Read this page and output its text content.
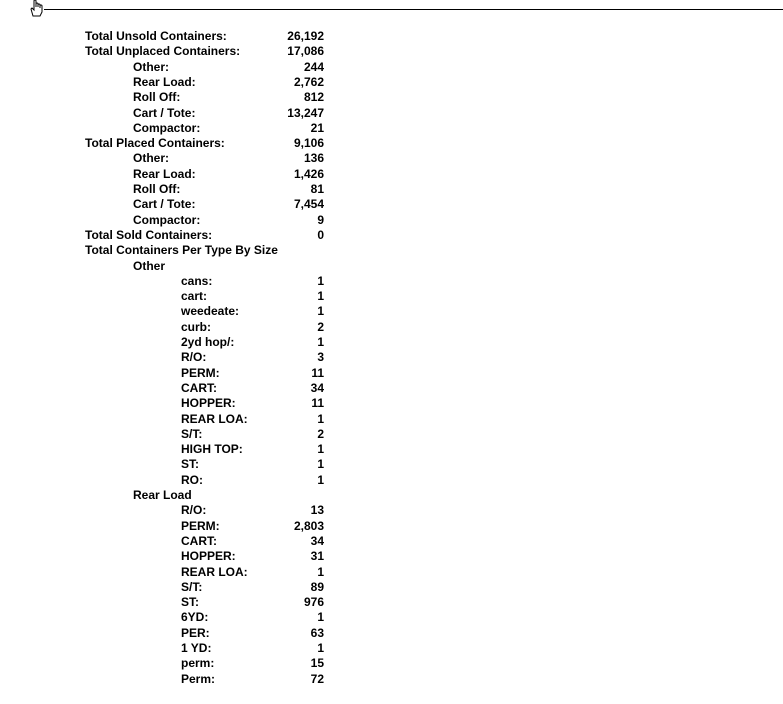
Total Unsold Containers:	26,192
Total Unplaced Containers:	17,086
Other:	244
Rear Load:	2,762
Roll Off:	812
Cart / Tote:	13,247
Compactor:	21
Total Placed Containers:	9,106
Other:	136
Rear Load:	1,426
Roll Off:	81
Cart / Tote:	7,454
Compactor:	9
Total Sold Containers:	0
Total Containers Per Type By Size
Other
cans:	1
cart:	1
weedeate:	1
curb:	2
2yd hop/:	1
R/O:	3
PERM:	11
CART:	34
HOPPER:	11
REAR LOA:	1
S/T:	2
HIGH TOP:	1
ST:	1
RO:	1
Rear Load
R/O:	13
PERM:	2,803
CART:	34
HOPPER:	31
REAR LOA:	1
S/T:	89
ST:	976
6YD:	1
PER:	63
1 YD:	1
perm:	15
Perm:	72
